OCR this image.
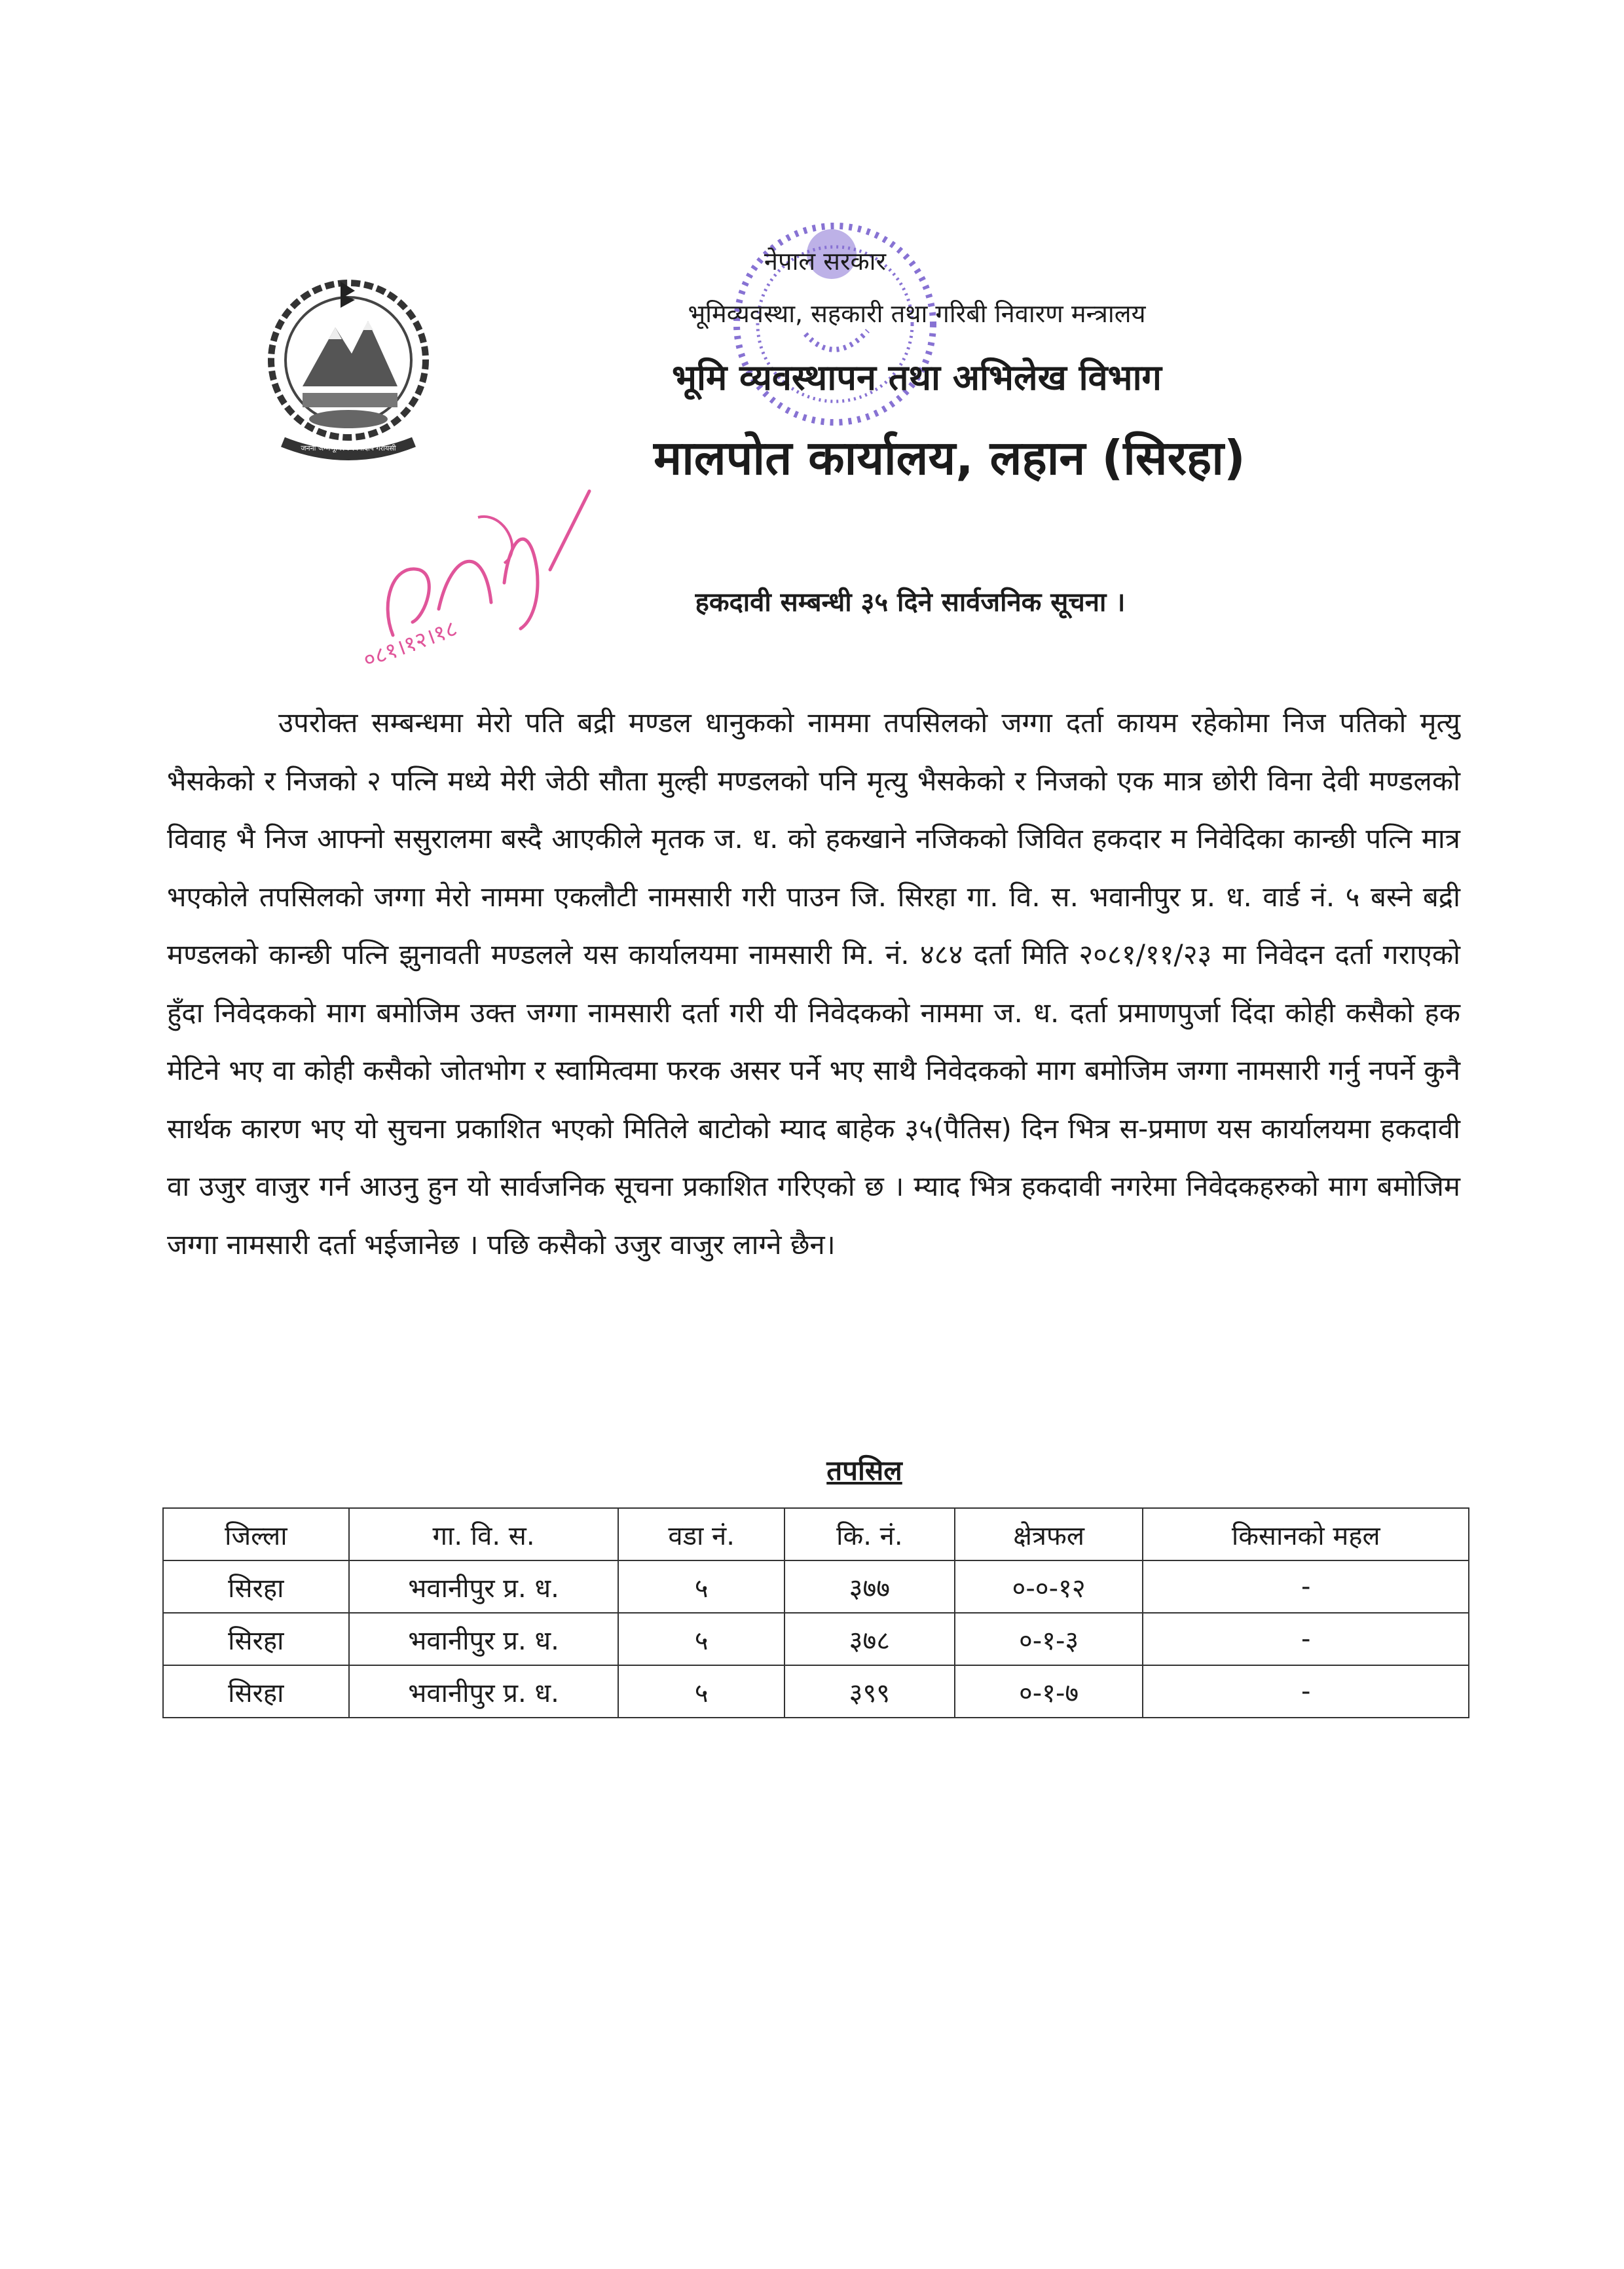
जननी जन्मभूमिश्च स्वर्गादपि गरीयसी
०८१।१२।१८
नेपाल सरकार
भूमिव्यवस्था, सहकारी तथा गरिबी निवारण मन्त्रालय
भूमि व्यवस्थापन तथा अभिलेख विभाग
मालपोत कार्यालय, लहान (सिरहा)
हकदावी सम्बन्धी ३५ दिने सार्वजनिक सूचना ।

उपरोक्त सम्बन्धमा मेरो पति बद्री मण्डल धानुकको नाममा तपसिलको जग्गा दर्ता कायम रहेकोमा निज पतिको मृत्यु भैसकेको र निजको २ पत्नि मध्ये मेरी जेठी सौता मुल्ही मण्डलको पनि मृत्यु भैसकेको र निजको एक मात्र छोरी विना देवी मण्डलको विवाह भै निज आफ्नो ससुरालमा बस्दै आएकीले मृतक ज. ध. को हकखाने नजिकको जिवित हकदार म निवेदिका कान्छी पत्नि मात्र भएकोले तपसिलको जग्गा मेरो नाममा एकलौटी नामसारी गरी पाउन जि. सिरहा गा. वि. स. भवानीपुर प्र. ध. वार्ड नं. ५ बस्ने बद्री मण्डलको कान्छी पत्नि झुनावती मण्डलले यस कार्यालयमा नामसारी मि. नं. ४८४ दर्ता मिति २०८१/११/२३ मा निवेदन दर्ता गराएको हुँदा निवेदकको माग बमोजिम उक्त जग्गा नामसारी दर्ता गरी यी निवेदकको नाममा ज. ध. दर्ता प्रमाणपुर्जा दिंदा कोही कसैको हक मेटिने भए वा कोही कसैको जोतभोग र स्वामित्वमा फरक असर पर्ने भए साथै निवेदकको माग बमोजिम जग्गा नामसारी गर्नु नपर्ने कुनै सार्थक कारण भए यो सुचना प्रकाशित भएको मितिले बाटोको म्याद बाहेक ३५(पैतिस) दिन भित्र स-प्रमाण यस कार्यालयमा हकदावी वा उजुर वाजुर गर्न आउनु हुन यो सार्वजनिक सूचना प्रकाशित गरिएको छ । म्याद भित्र हकदावी नगरेमा निवेदकहरुको माग बमोजिम जग्गा नामसारी दर्ता भईजानेछ । पछि कसैको उजुर वाजुर लाग्ने छैन।

तपसिल
जिल्ला	गा. वि. स.	वडा नं.	कि. नं.	क्षेत्रफल	किसानको महल
सिरहा	भवानीपुर प्र. ध.	५	३७७	०-०-१२	-
सिरहा	भवानीपुर प्र. ध.	५	३७८	०-१-३	-
सिरहा	भवानीपुर प्र. ध.	५	३९९	०-१-७	-
